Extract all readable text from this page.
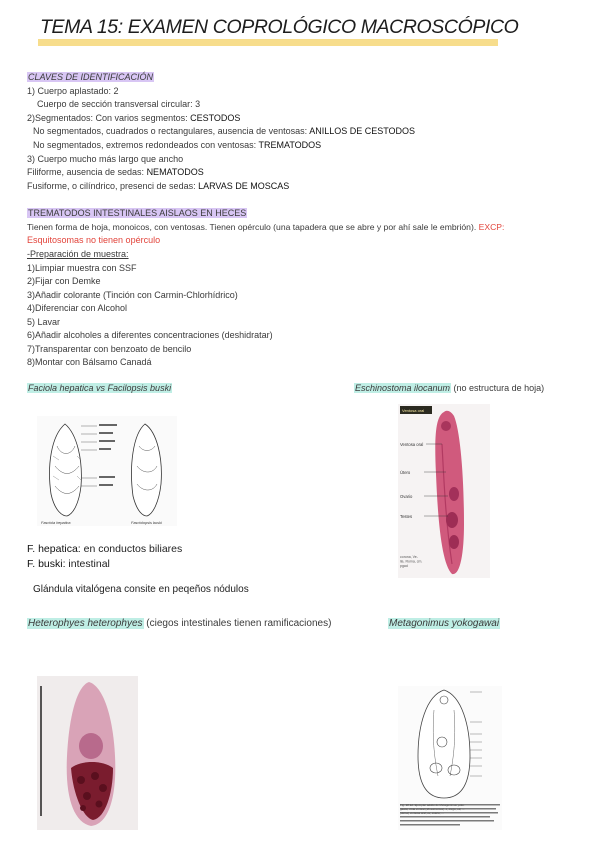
TEMA 15: EXAMEN COPROLÓGICO MACROSCÓPICO
CLAVES DE IDENTIFICACIÓN
1) Cuerpo aplastado: 2
Cuerpo de sección transversal circular: 3
2)Segmentados: Con varios segmentos: CESTODOS
No segmentados, cuadrados o rectangulares, ausencia de ventosas: ANILLOS DE CESTODOS
No segmentados, extremos redondeados con ventosas: TREMATODOS
3) Cuerpo mucho más largo que ancho
Filiforme, ausencia de sedas: NEMATODOS
Fusiforme, o cilíndrico, presenci de sedas: LARVAS DE MOSCAS
TREMATODOS INTESTINALES AISLAOS EN HECES
Tienen forma de hoja, monoicos, con ventosas. Tienen opérculo (una tapadera que se abre y por ahí sale le embrión). EXCP:
Esquitosomas no tienen opérculo
-Preparación de muestra:
1)Limpiar muestra con SSF
2)Fijar con Demke
3)Añadir colorante (Tinción con Carmin-Chlorhídrico)
4)Diferenciar con Alcohol
5) Lavar
6)Añadir alcoholes a diferentes concentraciones (deshidratar)
7)Transparentar con benzoato de bencilo
8)Montar con Bálsamo Canadá
Faciola hepatica vs Facilopsis buski	Eschinostoma ilocanum (no estructura de hoja)
Fasciola hepatica	Fasciolopsis buski
Ventosa oral
Ventosa oral
Útero
Ovario
Testes
corona, Ve-lla. Roma, cm. pgad
F. hepatica: en conductos biliares
F. buski: intestinal
Glándula vitalógena consite en peqeños nódulos
Heterophyes heterophyes (ciegos intestinales tienen ramificaciones)	Metagonimus yokogawai
Fig. 18-12. Ejemplar adulto de Metagonimus yoko-gawai, vista ventral (16 aumentos). c, ciego; ed, ... (dorso) ventosa oral; ov, ovario; ...
